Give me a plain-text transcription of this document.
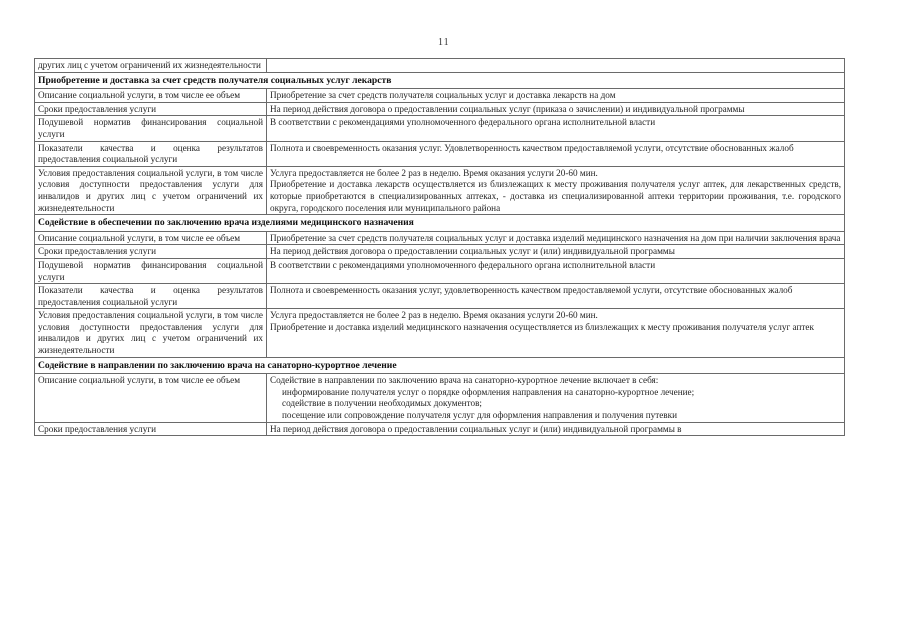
11
других лиц с учетом ограничений их жизнедеятельности	
Приобретение и доставка за счет средств получателя социальных услуг лекарств	
Описание социальной услуги, в том числе ее объем	Приобретение за счет средств получателя социальных услуг и доставка лекарств на дом

Сроки предоставления услуги	На период действия договора о предоставлении социальных услуг (приказа о зачислении) и индивидуальной программы

Подушевой норматив финансирования социальной услуги	В соответствии с рекомендациями уполномоченного федерального органа исполнительной власти

Показатели качества и оценка результатов предоставления социальной услуги	Полнота и своевременность оказания услуг. Удовлетворенность качеством предоставляемой услуги, отсутствие обоснованных жалоб

Условия предоставления социальной услуги, в том числе условия доступности предоставления услуги для инвалидов и других лиц с учетом ограничений их жизнедеятельности	Услуга предоставляется не более 2 раз в неделю. Время оказания услуги 20-60 мин.

Приобретение и доставка лекарств осуществляется из близлежащих к месту проживания получателя услуг аптек, для лекарственных средств, которые приобретаются в специализированных аптеках, - доставка из специализированной аптеки территории проживания, т.е. городского округа, городского поселения или муниципального района

Содействие в обеспечении по заключению врача изделиями медицинского назначения	
Описание социальной услуги, в том числе ее объем	Приобретение за счет средств получателя социальных услуг и доставка изделий медицинского назначения на дом при наличии заключения врача

Сроки предоставления услуги	На период действия договора о предоставлении социальных услуг и (или) индивидуальной программы

Подушевой норматив финансирования социальной услуги	В соответствии с рекомендациями уполномоченного федерального органа исполнительной власти

Показатели качества и оценка результатов предоставления социальной услуги	Полнота и своевременность оказания услуг, удовлетворенность качеством предоставляемой услуги, отсутствие обоснованных жалоб

Условия предоставления социальной услуги, в том числе условия доступности предоставления услуги для инвалидов и других лиц с учетом ограничений их жизнедеятельности	Услуга предоставляется не более 2 раз в неделю. Время оказания услуги 20-60 мин.

Приобретение и доставка изделий медицинского назначения осуществляется из близлежащих к месту проживания получателя услуг аптек

Содействие в направлении по заключению врача на санаторно-курортное лечение	
Описание социальной услуги, в том числе ее объем	Содействие в направлении по заключению врача на санаторно-курортное лечение включает в себя:

информирование получателя услуг о порядке оформления направления на санаторно-курортное лечение;

содействие в получении необходимых документов;

посещение или сопровождение получателя услуг для оформления направления и получения путевки

Сроки предоставления услуги	На период действия договора о предоставлении социальных услуг и (или) индивидуальной программы в
